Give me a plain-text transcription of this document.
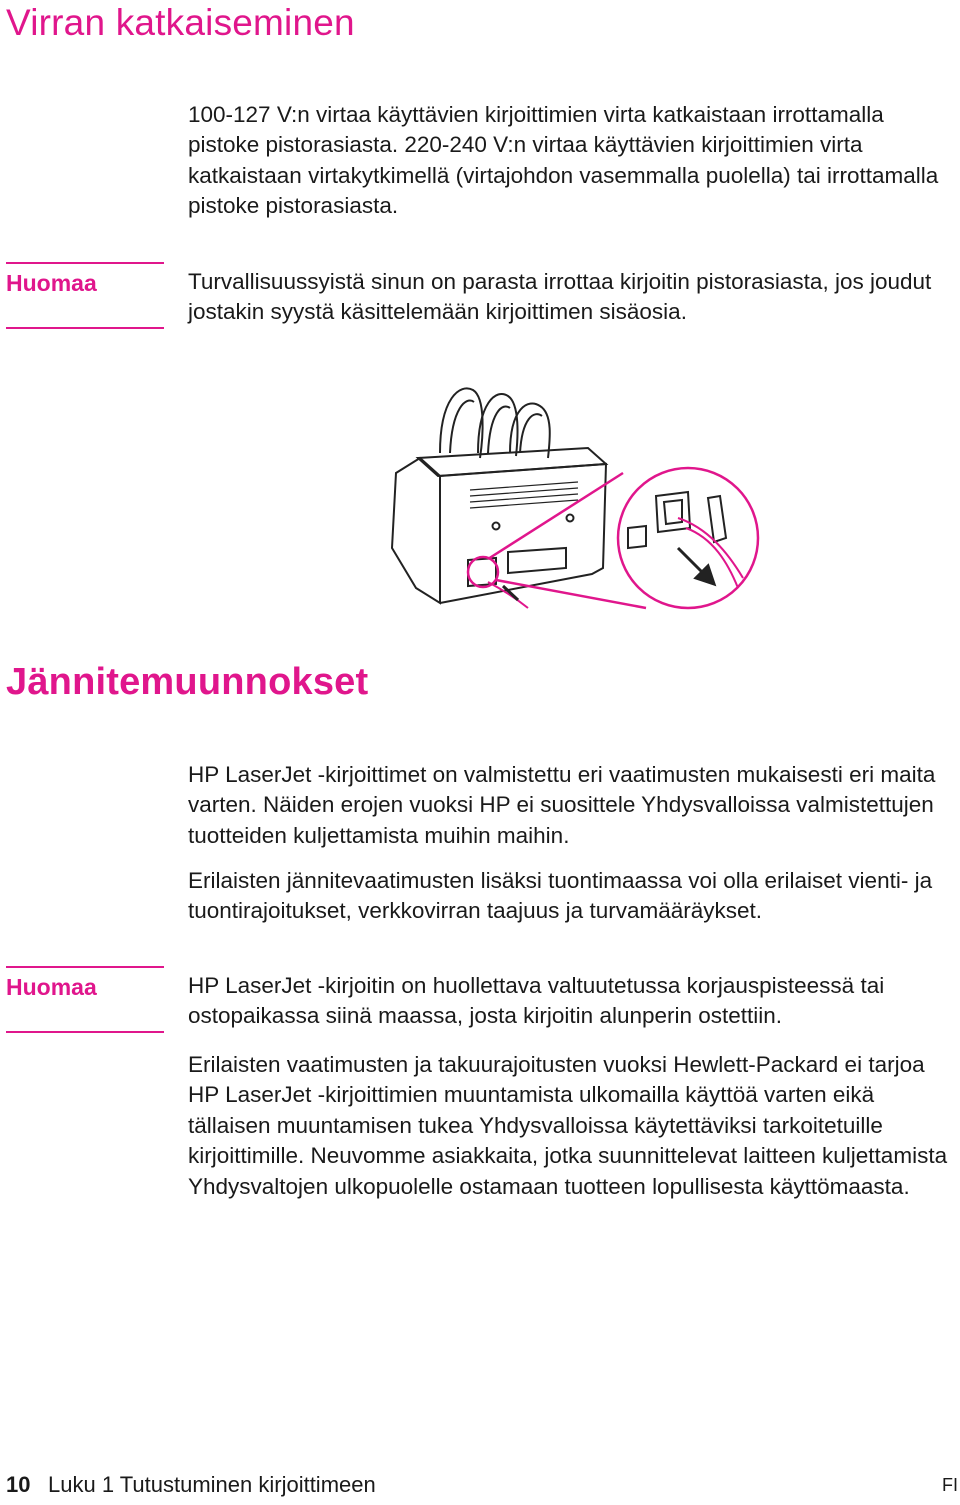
Virran katkaiseminen

100-127 V:n virtaa käyttävien kirjoittimien virta katkaistaan irrottamalla pistoke pistorasiasta. 220-240 V:n virtaa käyttävien kirjoittimien virta katkaistaan virtakytkimellä (virtajohdon vasemmalla puolella) tai irrottamalla pistoke pistorasiasta.

Huomaa	Turvallisuussyistä sinun on parasta irrottaa kirjoitin pistorasiasta, jos joudut jostakin syystä käsittelemään kirjoittimen sisäosia.

Jännitemuunnokset

HP LaserJet -kirjoittimet on valmistettu eri vaatimusten mukaisesti eri maita varten. Näiden erojen vuoksi HP ei suosittele Yhdysvalloissa valmistettujen tuotteiden kuljettamista muihin maihin.

Erilaisten jännitevaatimusten lisäksi tuontimaassa voi olla erilaiset vienti- ja tuontirajoitukset, verkkovirran taajuus ja turvamääräykset.

Huomaa	HP LaserJet -kirjoitin on huollettava valtuutetussa korjauspisteessä tai ostopaikassa siinä maassa, josta kirjoitin alunperin ostettiin.

Erilaisten vaatimusten ja takuurajoitusten vuoksi Hewlett-Packard ei tarjoa HP LaserJet -kirjoittimien muuntamista ulkomailla käyttöä varten eikä tällaisen muuntamisen tukea Yhdysvalloissa käytettäviksi tarkoitetuille kirjoittimille. Neuvomme asiakkaita, jotka suunnittelevat laitteen kuljettamista Yhdysvaltojen ulkopuolelle ostamaan tuotteen lopullisesta käyttömaasta.

10 Luku 1 Tutustuminen kirjoittimeen	FI
